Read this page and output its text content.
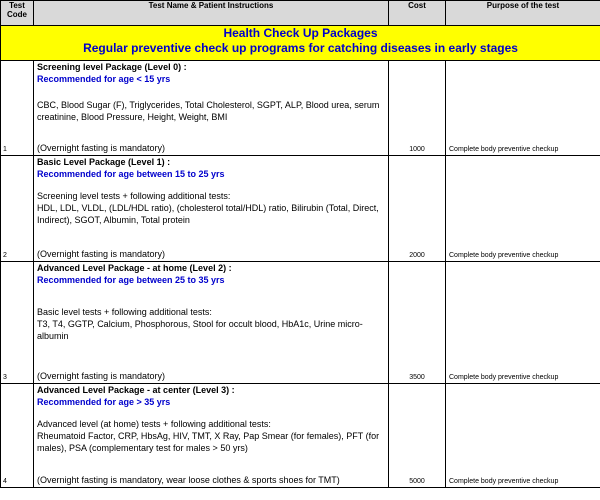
Test
Code	Test Name & Patient Instructions	Cost	Purpose of the test

Health Check Up Packages
Regular preventive check up programs for catching diseases in early stages			

1	Screening level Package (Level 0) :
Recommended for age < 15 yrs
CBC, Blood Sugar (F), Triglycerides, Total Cholesterol, SGPT, ALP, Blood urea, serum creatinine, Blood Pressure, Height, Weight, BMI
(Overnight fasting is mandatory)	1000	Complete body preventive checkup
2	Basic Level Package (Level 1) :
Recommended for age between 15 to 25 yrs
Screening level tests + following additional tests:
HDL, LDL, VLDL, (LDL/HDL ratio), (cholesterol total/HDL) ratio, Bilirubin (Total, Direct, Indirect), SGOT, Albumin, Total protein
(Overnight fasting is mandatory)	2000	Complete body preventive checkup
3	Advanced Level Package - at home (Level 2) :
Recommended for age between 25 to 35 yrs
Basic level tests + following additional tests:
T3, T4, GGTP, Calcium, Phosphorous, Stool for occult blood, HbA1c, Urine micro-albumin
(Overnight fasting is mandatory)	3500	Complete body preventive checkup
4	Advanced Level Package - at center (Level 3) :
Recommended for age > 35 yrs
Advanced level (at home) tests + following additional tests:
Rheumatoid Factor, CRP, HbsAg, HIV, TMT, X Ray, Pap Smear (for females), PFT (for males), PSA (complementary test for males > 50 yrs)
(Overnight fasting is mandatory, wear loose clothes & sports shoes for TMT)	5000	Complete body preventive checkup
